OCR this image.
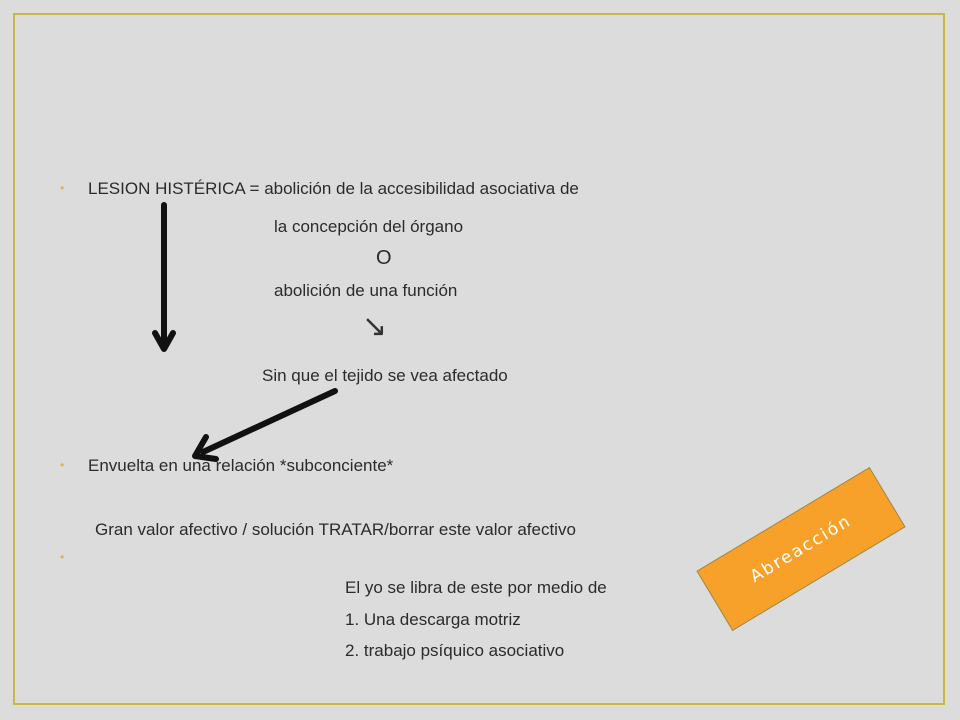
• LESION HISTÉRICA = abolición de la accesibilidad asociativa de
la concepción del órgano
O
abolición de una función
↘
Sin que el tejido se vea afectado
• Envuelta en una relación *subconciente*
Gran valor afectivo / solución TRATAR/borrar este valor afectivo
•
El yo se libra de este por medio de
1. Una descarga motriz
2. trabajo psíquico asociativo
Abreacción
